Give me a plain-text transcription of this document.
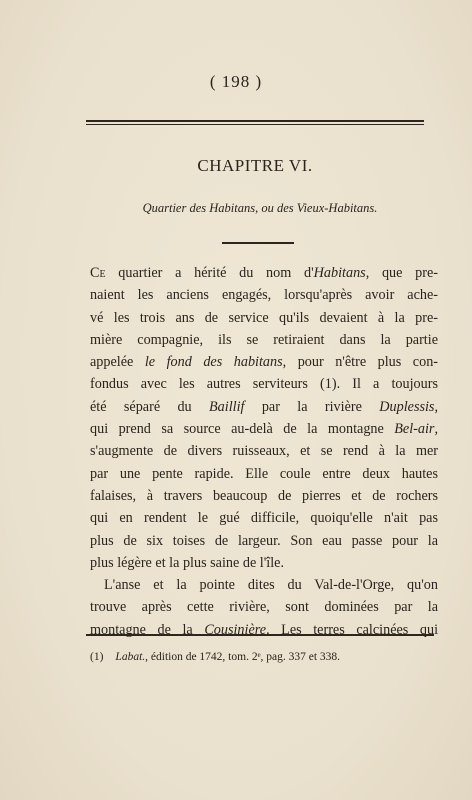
( 198 )
CHAPITRE VI.
Quartier des Habitans, ou des Vieux-Habitans.
Ce quartier a hérité du nom d'Habitans, que pre-
naient les anciens engagés, lorsqu'après avoir ache-
vé les trois ans de service qu'ils devaient à la pre-
mière compagnie, ils se retiraient dans la partie
appelée le fond des habitans, pour n'être plus con-
fondus avec les autres serviteurs (1). Il a toujours
été séparé du Baillif par la rivière Duplessis,
qui prend sa source au-delà de la montagne Bel-air,
s'augmente de divers ruisseaux, et se rend à la mer
par une pente rapide. Elle coule entre deux hautes
falaises, à travers beaucoup de pierres et de rochers
qui en rendent le gué difficile, quoiqu'elle n'ait pas
plus de six toises de largeur. Son eau passe pour la
plus légère et la plus saine de l'île.
L'anse et la pointe dites du Val-de-l'Orge, qu'on
trouve après cette rivière, sont dominées par la
montagne de la Cousinière. Les terres calcinées qui
(1) Labat., édition de 1742, tom. 2ᵉ, pag. 337 et 338.
